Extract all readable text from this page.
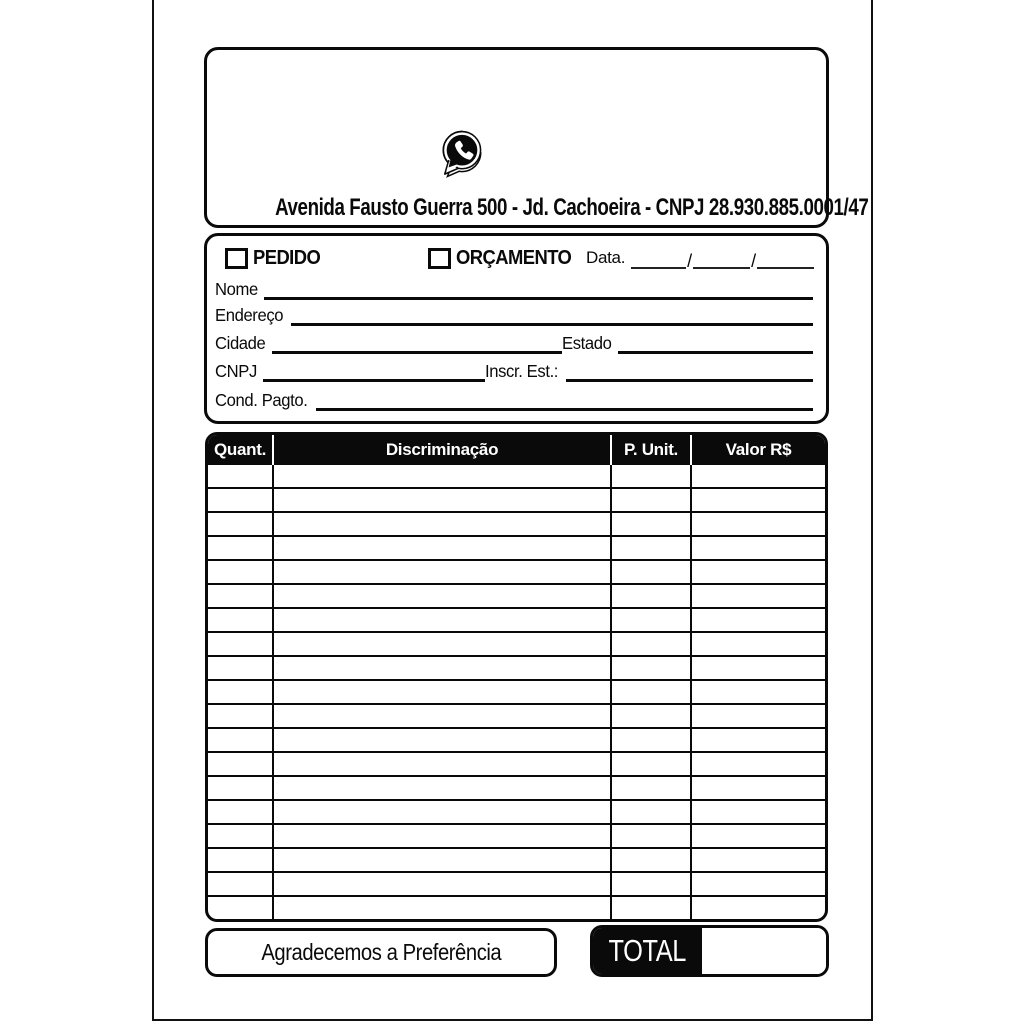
Avenida Fausto Guerra 500 - Jd. Cachoeira - CNPJ 28.930.885.0001/47
PEDIDO	ORÇAMENTO Data.	/	/
Nome
Endereço
Cidade	Estado
CNPJ	Inscr. Est.:
Cond. Pagto.
Quant.	Discriminação	P. Unit.	Valor R$
Agradecemos a Preferência	TOTAL
